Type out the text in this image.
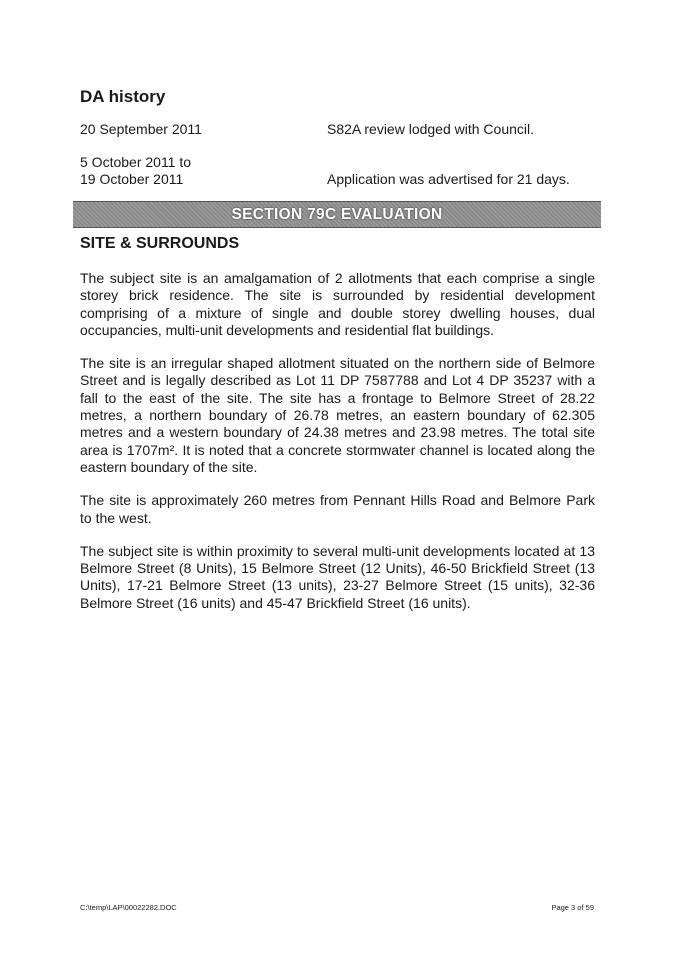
DA history
20 September 2011	S82A review lodged with Council.
5 October 2011 to
19 October 2011	Application was advertised for 21 days.
SECTION 79C EVALUATION
SITE & SURROUNDS

The subject site is an amalgamation of 2 allotments that each comprise a single storey brick residence. The site is surrounded by residential development comprising of a mixture of single and double storey dwelling houses, dual occupancies, multi-unit developments and residential flat buildings.

The site is an irregular shaped allotment situated on the northern side of Belmore Street and is legally described as Lot 11 DP 7587788 and Lot 4 DP 35237 with a fall to the east of the site. The site has a frontage to Belmore Street of 28.22 metres, a northern boundary of 26.78 metres, an eastern boundary of 62.305 metres and a western boundary of 24.38 metres and 23.98 metres. The total site area is 1707m². It is noted that a concrete stormwater channel is located along the eastern boundary of the site.

The site is approximately 260 metres from Pennant Hills Road and Belmore Park to the west.

The subject site is within proximity to several multi-unit developments located at 13 Belmore Street (8 Units), 15 Belmore Street (12 Units), 46-50 Brickfield Street (13 Units), 17-21 Belmore Street (13 units), 23-27 Belmore Street (15 units), 32-36 Belmore Street (16 units) and 45-47 Brickfield Street (16 units).

C:\temp\LAP\00022282.DOC	Page 3 of 59
